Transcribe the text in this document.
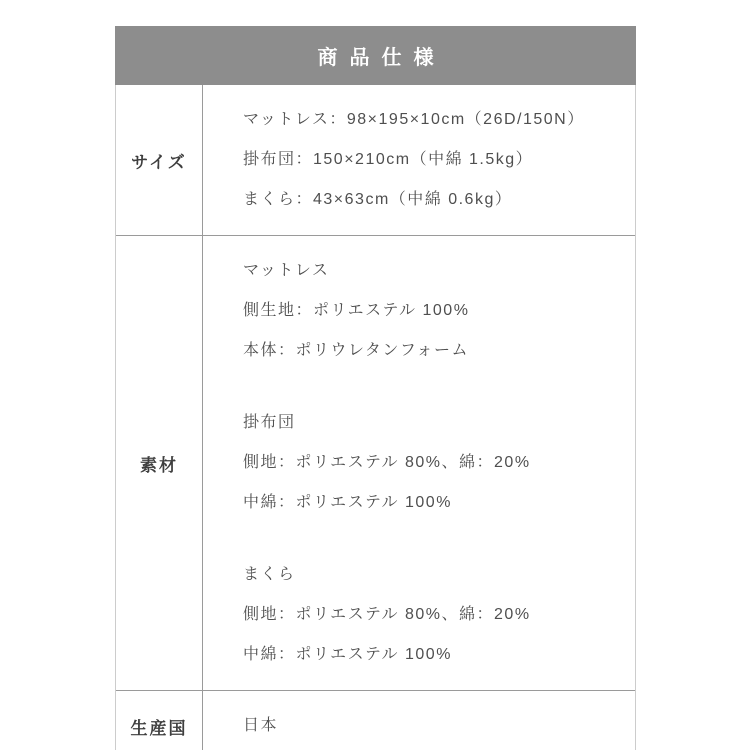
商品仕様
サイズ
マットレス：98×195×10cm（26D/150N）
掛布団：150×210cm（中綿 1.5kg）
まくら：43×63cm（中綿 0.6kg）
素材
マットレス
側生地：ポリエステル 100%
本体：ポリウレタンフォーム
掛布団
側地：ポリエステル 80%、綿：20%
中綿：ポリエステル 100%
まくら
側地：ポリエステル 80%、綿：20%
中綿：ポリエステル 100%
生産国	日本
